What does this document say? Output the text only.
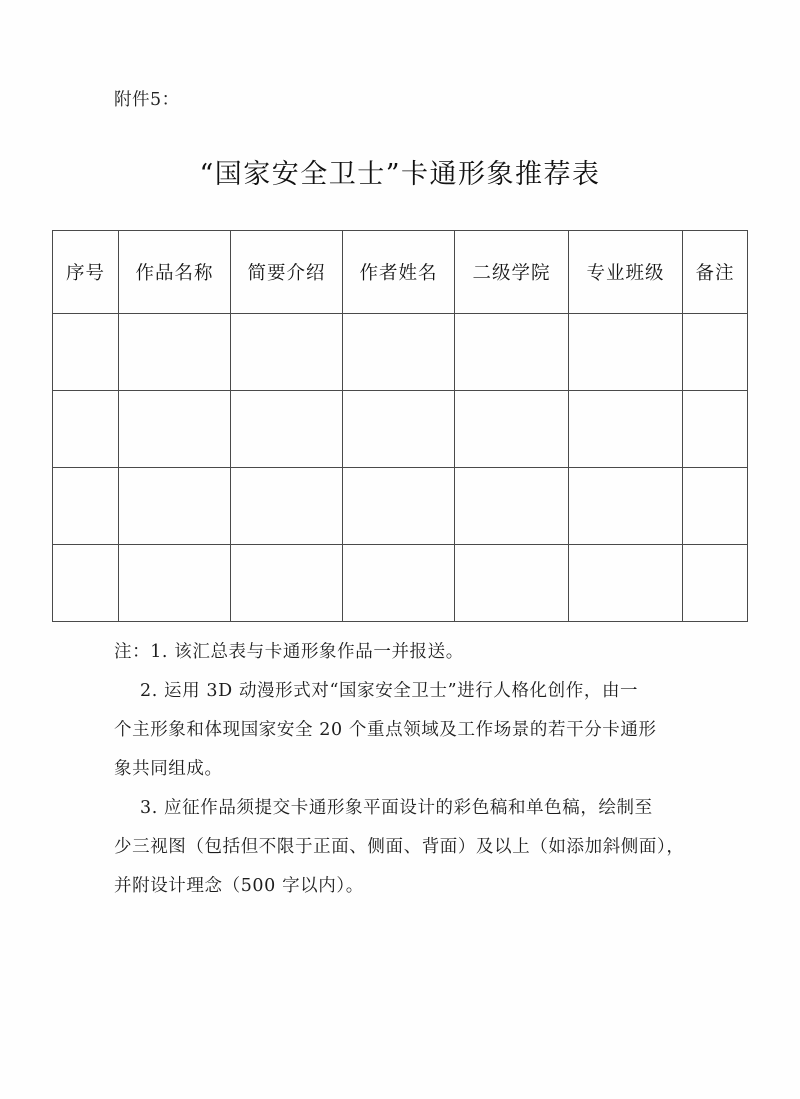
附件5：
“国家安全卫士”卡通形象推荐表
序号	作品名称	简要介绍	作者姓名	二级学院	专业班级	备注

注：1. 该汇总表与卡通形象作品一并报送。
2. 运用 3D 动漫形式对“国家安全卫士”进行人格化创作，由一
个主形象和体现国家安全 20 个重点领域及工作场景的若干分卡通形
象共同组成。
3. 应征作品须提交卡通形象平面设计的彩色稿和单色稿，绘制至
少三视图（包括但不限于正面、侧面、背面）及以上（如添加斜侧面），
并附设计理念（500 字以内）。
